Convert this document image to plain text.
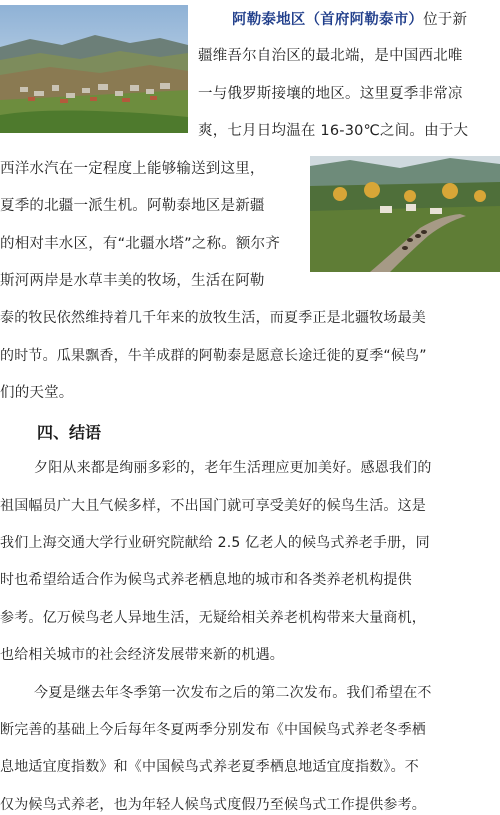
阿勒泰地区（首府阿勒泰市）位于新
疆维吾尔自治区的最北端，是中国西北唯
一与俄罗斯接壤的地区。这里夏季非常凉
爽，七月日均温在 16-30℃之间。由于大
西洋水汽在一定程度上能够输送到这里，
夏季的北疆一派生机。阿勒泰地区是新疆
的相对丰水区，有“北疆水塔”之称。额尔齐
斯河两岸是水草丰美的牧场，生活在阿勒
泰的牧民依然维持着几千年来的放牧生活，而夏季正是北疆牧场最美
的时节。瓜果飘香，牛羊成群的阿勒泰是愿意长途迁徙的夏季“候鸟”
们的天堂。
四、结语
夕阳从来都是绚丽多彩的，老年生活理应更加美好。感恩我们的
祖国幅员广大且气候多样，不出国门就可享受美好的候鸟生活。这是
我们上海交通大学行业研究院献给 2.5 亿老人的候鸟式养老手册，同
时也希望给适合作为候鸟式养老栖息地的城市和各类养老机构提供
参考。亿万候鸟老人异地生活，无疑给相关养老机构带来大量商机，
也给相关城市的社会经济发展带来新的机遇。
今夏是继去年冬季第一次发布之后的第二次发布。我们希望在不
断完善的基础上今后每年冬夏两季分别发布《中国候鸟式养老冬季栖
息地适宜度指数》和《中国候鸟式养老夏季栖息地适宜度指数》。不
仅为候鸟式养老，也为年轻人候鸟式度假乃至候鸟式工作提供参考。
